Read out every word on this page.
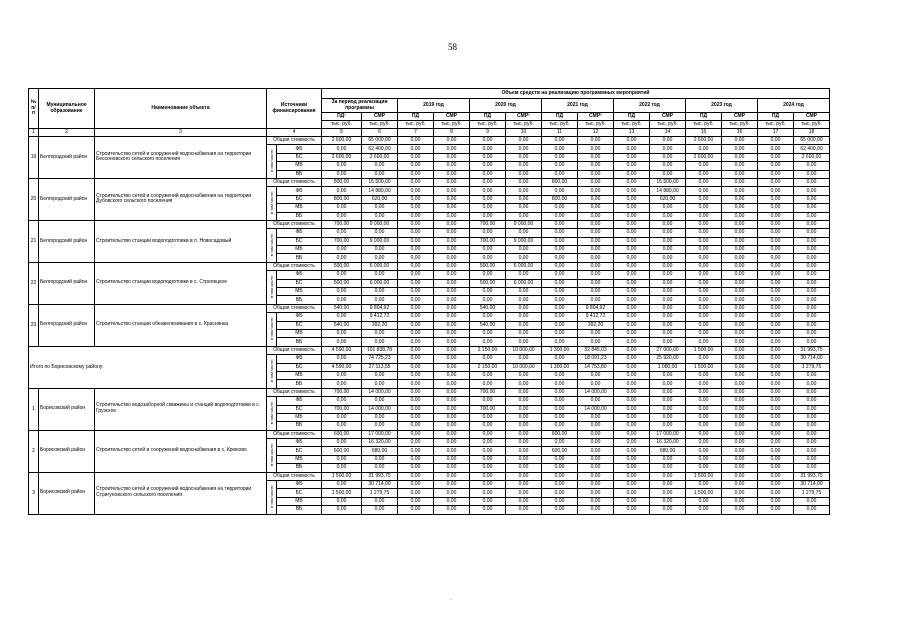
58
№ п/п	Муниципальное образование	Наименование объекта	Источники финансирования		Объем средств на реализацию программных мероприятий													
					За период реализации программы		2019 год		2020 год		2021 год		2022 год		2023 год		2024 год	
					ПД¹	СМР	ПД	СМР	ПД	СМР¹	ПД	СМР²	ПД	СМР	ПД	СМР	ПД	СМР
					тыс. руб.	тыс. руб.	тыс. руб.	тыс. руб.	тыс. руб.	тыс. руб.	тыс. руб.	тыс. руб.	тыс. руб.	тыс. руб.	тыс. руб.	тыс. руб.	тыс. руб.	тыс. руб.
1	2	3	4		5	6	7	8	9	10	11	12	13	14	15	16	17	18
19	Белгородский район	Строительство сетей и сооружений водоснабжения на территории Бессоновского сельского поселения	Общая стоимость		2 600,00	65 000,00	0,00	0,00	0,00	0,00	0,00	0,00	0,00	0,00	2 600,00	0,00	0,00	65 000,00
			в том числе:	ФБ	0,00	62 400,00	0,00	0,00	0,00	0,00	0,00	0,00	0,00	0,00	0,00	0,00	0,00	62 400,00
				БС	2 600,00	2 600,00	0,00	0,00	0,00	0,00	0,00	0,00	0,00	0,00	2 600,00	0,00	0,00	2 600,00
				МБ	0,00	0,00	0,00	0,00	0,00	0,00	0,00	0,00	0,00	0,00	0,00	0,00	0,00	0,00
				ВБ	0,00	0,00	0,00	0,00	0,00	0,00	0,00	0,00	0,00	0,00	0,00	0,00	0,00	0,00
20	Белгородский район	Строительство сетей и сооружений водоснабжения на территории Дубовского сельского поселения	Общая стоимость		800,00	15 500,00	0,00	0,00	0,00	0,00	800,00	0,00	0,00	15 500,00	0,00	0,00	0,00	0,00
			в том числе:	ФБ	0,00	14 880,00	0,00	0,00	0,00	0,00	0,00	0,00	0,00	14 880,00	0,00	0,00	0,00	0,00
				БС	800,00	620,00	0,00	0,00	0,00	0,00	800,00	0,00	0,00	620,00	0,00	0,00	0,00	0,00
				МБ	0,00	0,00	0,00	0,00	0,00	0,00	0,00	0,00	0,00	0,00	0,00	0,00	0,00	0,00
				ВБ	0,00	0,00	0,00	0,00	0,00	0,00	0,00	0,00	0,00	0,00	0,00	0,00	0,00	0,00
21	Белгородский район	Строительство станции водоподготовки в п. Новосадовый	Общая стоимость		700,00	9 000,00	0,00	0,00	700,00	9 000,00	0,00	0,00	0,00	0,00	0,00	0,00	0,00	0,00
			в том числе:	ФБ	0,00	0,00	0,00	0,00	0,00	0,00	0,00	0,00	0,00	0,00	0,00	0,00	0,00	0,00
				БС	700,00	9 000,00	0,00	0,00	700,00	9 000,00	0,00	0,00	0,00	0,00	0,00	0,00	0,00	0,00
				МБ	0,00	0,00	0,00	0,00	0,00	0,00	0,00	0,00	0,00	0,00	0,00	0,00	0,00	0,00
				ВБ	0,00	0,00	0,00	0,00	0,00	0,00	0,00	0,00	0,00	0,00	0,00	0,00	0,00	0,00
22	Белгородский район	Строительство станции водоподготовки в с. Стрелецкое	Общая стоимость		500,00	6 000,00	0,00	0,00	500,00	6 000,00	0,00	0,00	0,00	0,00	0,00	0,00	0,00	0,00
			в том числе:	ФБ	0,00	0,00	0,00	0,00	0,00	0,00	0,00	0,00	0,00	0,00	0,00	0,00	0,00	0,00
				БС	500,00	6 000,00	0,00	0,00	500,00	6 000,00	0,00	0,00	0,00	0,00	0,00	0,00	0,00	0,00
				МБ	0,00	0,00	0,00	0,00	0,00	0,00	0,00	0,00	0,00	0,00	0,00	0,00	0,00	0,00
				ВБ	0,00	0,00	0,00	0,00	0,00	0,00	0,00	0,00	0,00	0,00	0,00	0,00	0,00	0,00
23	Белгородский район	Строительство станции обезжелезивания в с. Краснянка	Общая стоимость		540,00	9 804,92	0,00	0,00	540,00	0,00	0,00	9 804,92	0,00	0,00	0,00	0,00	0,00	0,00
			в том числе:	ФБ	0,00	9 412,72	0,00	0,00	0,00	0,00	0,00	9 412,72	0,00	0,00	0,00	0,00	0,00	0,00
				БС	540,00	392,20	0,00	0,00	540,00	0,00	0,00	392,20	0,00	0,00	0,00	0,00	0,00	0,00
				МБ	0,00	0,00	0,00	0,00	0,00	0,00	0,00	0,00	0,00	0,00	0,00	0,00	0,00	0,00
				ВБ	0,00	0,00	0,00	0,00	0,00	0,00	0,00	0,00	0,00	0,00	0,00	0,00	0,00	0,00
Итого по Борисовскому району:			Общая стоимость		4 590,00	101 838,78	0,00	0,00	2 150,00	10 000,00	1 300,00	32 845,03	0,00	27 000,00	1 500,00	0,00	0,00	31 993,75
			в том числе:	ФБ	0,00	74 725,23	0,00	0,00	0,00	0,00	0,00	18 091,23	0,00	25 920,00	0,00	0,00	0,00	30 714,00
				БС	4 590,00	27 113,55	0,00	0,00	2 150,00	10 000,00	1 300,00	14 753,80	0,00	1 080,00	1 500,00	0,00	0,00	1 279,75
				МБ	0,00	0,00	0,00	0,00	0,00	0,00	0,00	0,00	0,00	0,00	0,00	0,00	0,00	0,00
				ВБ	0,00	0,00	0,00	0,00	0,00	0,00	0,00	0,00	0,00	0,00	0,00	0,00	0,00	0,00
1	Борисовский район	Строительство водозаборной скважины и станций водоподготовки в с. Грузское	Общая стоимость		700,00	14 000,00	0,00	0,00	700,00	0,00	0,00	14 000,00	0,00	0,00	0,00	0,00	0,00	0,00
			в том числе:	ФБ	0,00	0,00	0,00	0,00	0,00	0,00	0,00	0,00	0,00	0,00	0,00	0,00	0,00	0,00
				БС	700,00	14 000,00	0,00	0,00	700,00	0,00	0,00	14 000,00	0,00	0,00	0,00	0,00	0,00	0,00
				МБ	0,00	0,00	0,00	0,00	0,00	0,00	0,00	0,00	0,00	0,00	0,00	0,00	0,00	0,00
				ВБ	0,00	0,00	0,00	0,00	0,00	0,00	0,00	0,00	0,00	0,00	0,00	0,00	0,00	0,00
2	Борисовский район	Строительство сетей и сооружений водоснабжения в с. Крюково	Общая стоимость		600,00	17 000,00	0,00	0,00	0,00	0,00	600,00	0,00	0,00	17 000,00	0,00	0,00	0,00	0,00
			в том числе:	ФБ	0,00	16 320,00	0,00	0,00	0,00	0,00	0,00	0,00	0,00	16 320,00	0,00	0,00	0,00	0,00
				БС	600,00	680,00	0,00	0,00	0,00	0,00	600,00	0,00	0,00	680,00	0,00	0,00	0,00	0,00
				МБ	0,00	0,00	0,00	0,00	0,00	0,00	0,00	0,00	0,00	0,00	0,00	0,00	0,00	0,00
				ВБ	0,00	0,00	0,00	0,00	0,00	0,00	0,00	0,00	0,00	0,00	0,00	0,00	0,00	0,00
3	Борисовский район	Строительство сетей и сооружений водоснабжения на территории Стригуновского сельского поселения	Общая стоимость		1 500,00	31 993,75	0,00	0,00	0,00	0,00	0,00	0,00	0,00	0,00	1 500,00	0,00	0,00	31 993,75
			в том числе:	ФБ	0,00	30 714,00	0,00	0,00	0,00	0,00	0,00	0,00	0,00	0,00	0,00	0,00	0,00	30 714,00
				БС	1 500,00	1 279,75	0,00	0,00	0,00	0,00	0,00	0,00	0,00	0,00	1 500,00	0,00	0,00	1 279,75
				МБ	0,00	0,00	0,00	0,00	0,00	0,00	0,00	0,00	0,00	0,00	0,00	0,00	0,00	0,00
				ВБ	0,00	0,00	0,00	0,00	0,00	0,00	0,00	0,00	0,00	0,00	0,00	0,00	0,00	0,00
·
